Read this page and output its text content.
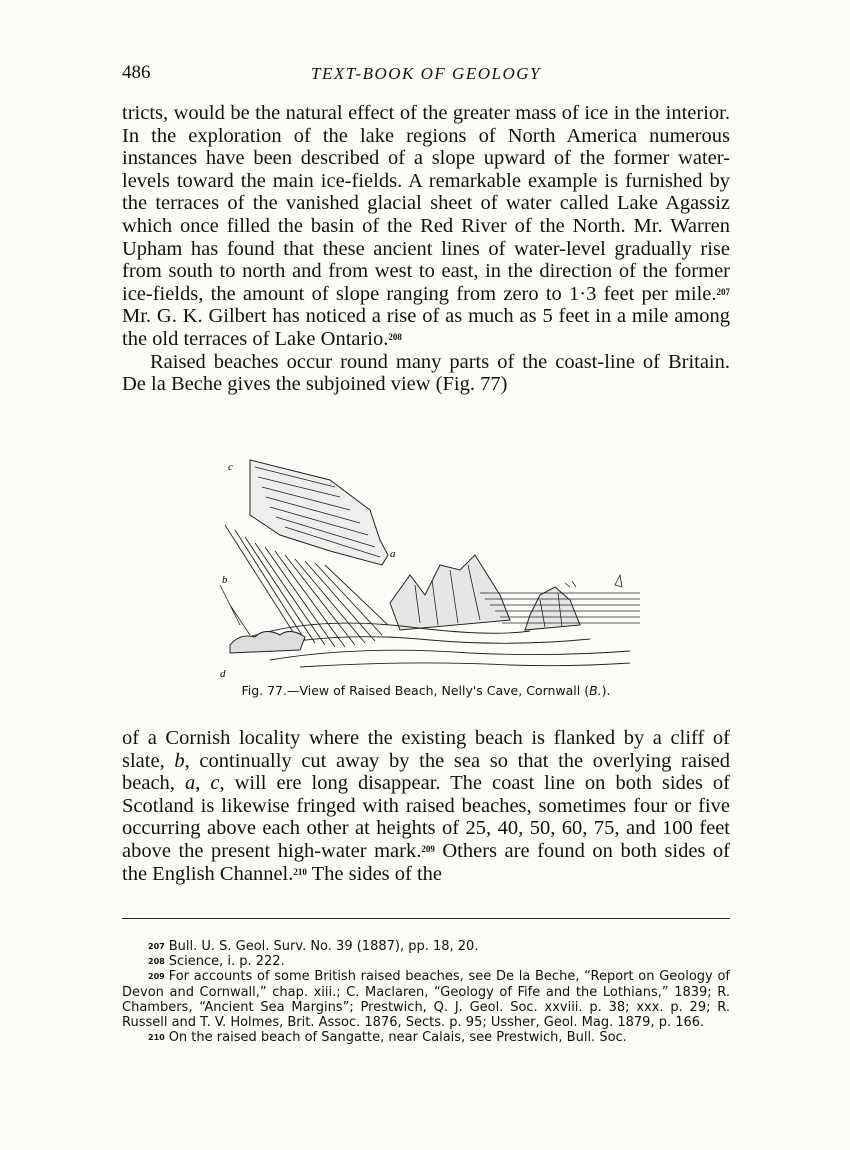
486	TEXT-BOOK OF GEOLOGY

tricts, would be the natural effect of the greater mass of ice in the interior. In the exploration of the lake regions of North America numerous instances have been described of a slope upward of the former water-levels toward the main ice-fields. A remarkable example is furnished by the terraces of the vanished glacial sheet of water called Lake Agassiz which once filled the basin of the Red River of the North. Mr. Warren Upham has found that these ancient lines of water-level gradually rise from south to north and from west to east, in the direction of the former ice-fields, the amount of slope ranging from zero to 1·3 feet per mile.$^{207}$ Mr. G. K. Gilbert has noticed a rise of as much as 5 feet in a mile among the old terraces of Lake Ontario.$^{208}$

Raised beaches occur round many parts of the coast-line of Britain. De la Beche gives the subjoined view (Fig. 77)

c
a
b
d
Fig. 77.—View of Raised Beach, Nelly's Cave, Cornwall (B.).

of a Cornish locality where the existing beach is flanked by a cliff of slate, b, continually cut away by the sea so that the overlying raised beach, a, c, will ere long disappear. The coast line on both sides of Scotland is likewise fringed with raised beaches, sometimes four or five occurring above each other at heights of 25, 40, 50, 60, 75, and 100 feet above the present high-water mark.$^{209}$ Others are found on both sides of the English Channel.$^{210}$ The sides of the

$^{207}$ Bull. U. S. Geol. Surv. No. 39 (1887), pp. 18, 20.

$^{208}$ Science, i. p. 222.

$^{209}$ For accounts of some British raised beaches, see De la Beche, “Report on Geology of Devon and Cornwall,” chap. xiii.; C. Maclaren, “Geology of Fife and the Lothians,” 1839; R. Chambers, “Ancient Sea Margins”; Prestwich, Q. J. Geol. Soc. xxviii. p. 38; xxx. p. 29; R. Russell and T. V. Holmes, Brit. Assoc. 1876, Sects. p. 95; Ussher, Geol. Mag. 1879, p. 166.

$^{210}$ On the raised beach of Sangatte, near Calais, see Prestwich, Bull. Soc.
